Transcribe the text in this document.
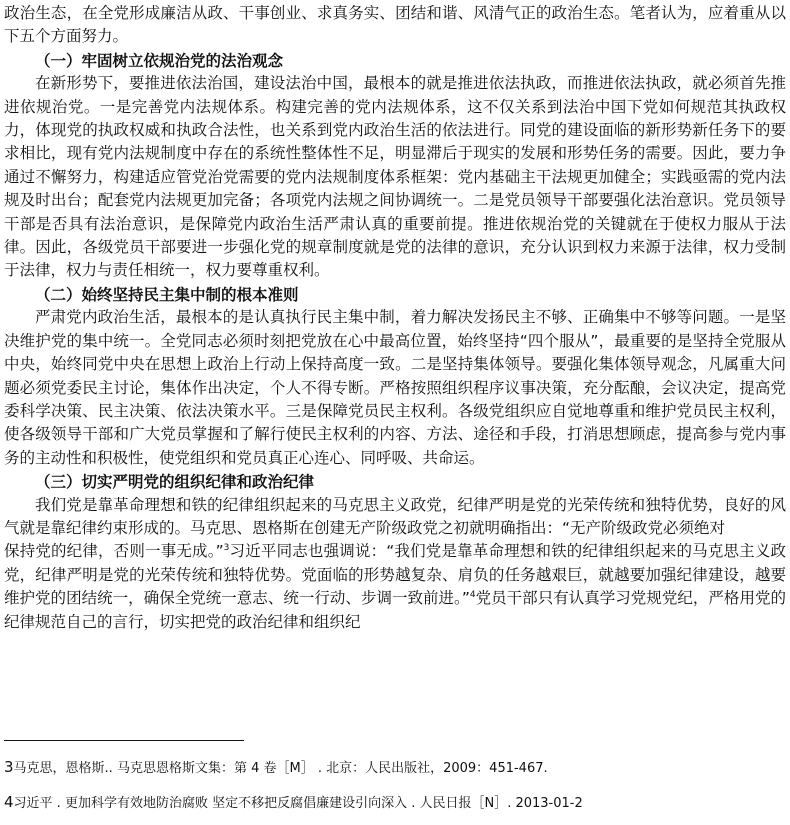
政治生态，在全党形成廉洁从政、干事创业、求真务实、团结和谐、风清气正的政治生态。笔者认为，应着重从以下五个方面努力。

（一）牢固树立依规治党的法治观念

在新形势下，要推进依法治国，建设法治中国，最根本的就是推进依法执政，而推进依法执政，就必须首先推进依规治党。一是完善党内法规体系。构建完善的党内法规体系，这不仅关系到法治中国下党如何规范其执政权力，体现党的执政权威和执政合法性，也关系到党内政治生活的依法进行。同党的建设面临的新形势新任务下的要求相比，现有党内法规制度中存在的系统性整体性不足，明显滞后于现实的发展和形势任务的需要。因此，要力争通过不懈努力，构建适应管党治党需要的党内法规制度体系框架：党内基础主干法规更加健全；实践亟需的党内法规及时出台；配套党内法规更加完备；各项党内法规之间协调统一。二是党员领导干部要强化法治意识。党员领导干部是否具有法治意识，是保障党内政治生活严肃认真的重要前提。推进依规治党的关键就在于使权力服从于法律。因此，各级党员干部要进一步强化党的规章制度就是党的法律的意识，充分认识到权力来源于法律，权力受制于法律，权力与责任相统一，权力要尊重权利。

（二）始终坚持民主集中制的根本准则

严肃党内政治生活，最根本的是认真执行民主集中制，着力解决发扬民主不够、正确集中不够等问题。一是坚决维护党的集中统一。全党同志必须时刻把党放在心中最高位置，始终坚持“四个服从”，最重要的是坚持全党服从中央，始终同党中央在思想上政治上行动上保持高度一致。二是坚持集体领导。要强化集体领导观念，凡属重大问题必须党委民主讨论，集体作出决定，个人不得专断。严格按照组织程序议事决策，充分酝酿，会议决定，提高党委科学决策、民主决策、依法决策水平。三是保障党员民主权利。各级党组织应自觉地尊重和维护党员民主权利，使各级领导干部和广大党员掌握和了解行使民主权利的内容、方法、途径和手段，打消思想顾虑，提高参与党内事务的主动性和积极性，使党组织和党员真正心连心、同呼吸、共命运。

（三）切实严明党的组织纪律和政治纪律

我们党是靠革命理想和铁的纪律组织起来的马克思主义政党，纪律严明是党的光荣传统和独特优势，良好的风气就是靠纪律约束形成的。马克思、恩格斯在创建无产阶级政党之初就明确指出：“无产阶级政党必须绝对

保持党的纪律，否则一事无成。”$^3$习近平同志也强调说：“我们党是靠革命理想和铁的纪律组织起来的马克思主义政党，纪律严明是党的光荣传统和独特优势。党面临的形势越复杂、肩负的任务越艰巨，就越要加强纪律建设，越要维护党的团结统一，确保全党统一意志、统一行动、步调一致前进。”$^4$党员干部只有认真学习党规党纪，严格用党的纪律规范自己的言行，切实把党的政治纪律和组织纪

3马克思，恩格斯.. 马克思恩格斯文集：第 4 卷［M］ . 北京：人民出版社，2009：451-467.
4习近平 . 更加科学有效地防治腐败 坚定不移把反腐倡廉建设引向深入 . 人民日报［N］. 2013-01-2
